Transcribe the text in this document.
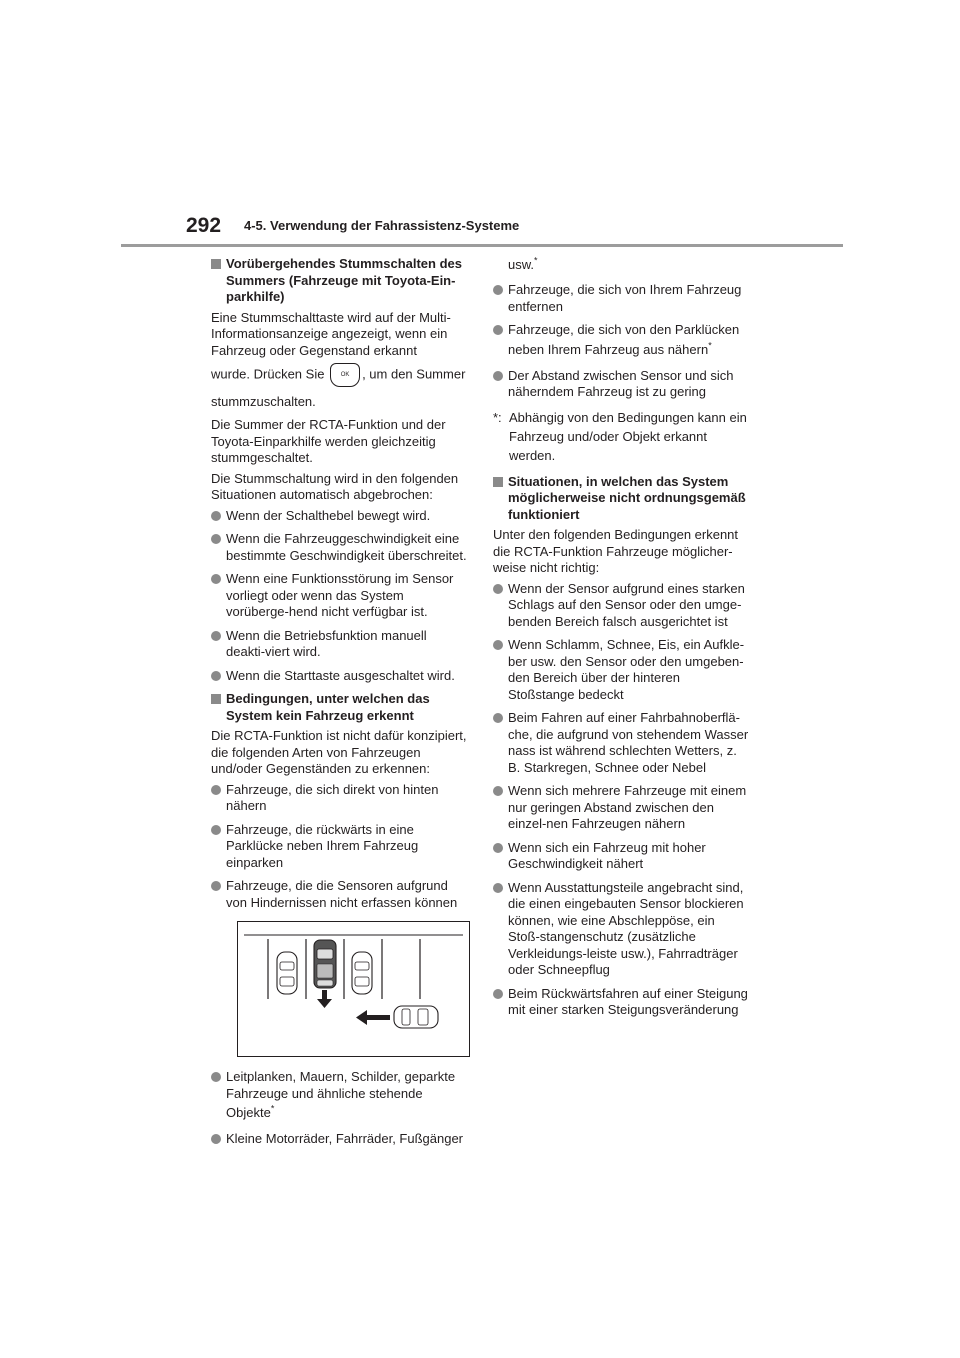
292 4-5. Verwendung der Fahrassistenz-Systeme
Vorübergehendes Stummschalten des Summers (Fahrzeuge mit Toyota-Ein-parkhilfe)

Eine Stummschalttaste wird auf der Multi-Informationsanzeige angezeigt, wenn ein Fahrzeug oder Gegenstand erkannt

wurde. Drücken Sie	OK , um den Summer

stummzuschalten.

Die Summer der RCTA-Funktion und der Toyota-Einparkhilfe werden gleichzeitig stummgeschaltet.

Die Stummschaltung wird in den folgenden Situationen automatisch abgebrochen:

Wenn der Schalthebel bewegt wird.
Wenn die Fahrzeuggeschwindigkeit eine bestimmte Geschwindigkeit überschreitet.
Wenn eine Funktionsstörung im Sensor vorliegt oder wenn das System vorüberge-hend nicht verfügbar ist.
Wenn die Betriebsfunktion manuell deakti-viert wird.
Wenn die Starttaste ausgeschaltet wird.
Bedingungen, unter welchen das System kein Fahrzeug erkennt

Die RCTA-Funktion ist nicht dafür konzipiert, die folgenden Arten von Fahrzeugen und/oder Gegenständen zu erkennen:

Fahrzeuge, die sich direkt von hinten nähern
Fahrzeuge, die rückwärts in eine Parklücke neben Ihrem Fahrzeug einparken
Fahrzeuge, die die Sensoren aufgrund von Hindernissen nicht erfassen können
Leitplanken, Mauern, Schilder, geparkte Fahrzeuge und ähnliche stehende
Objekte*
Kleine Motorräder, Fahrräder, Fußgänger

usw.*

Fahrzeuge, die sich von Ihrem Fahrzeug entfernen
Fahrzeuge, die sich von den Parklücken
neben Ihrem Fahrzeug aus nähern*
Der Abstand zwischen Sensor und sich näherndem Fahrzeug ist zu gering
*: Abhängig von den Bedingungen kann ein Fahrzeug und/oder Objekt erkannt werden.
Situationen, in welchen das System möglicherweise nicht ordnungsgemäß funktioniert

Unter den folgenden Bedingungen erkennt die RCTA-Funktion Fahrzeuge möglicher-weise nicht richtig:

Wenn der Sensor aufgrund eines starken Schlags auf den Sensor oder den umge-benden Bereich falsch ausgerichtet ist
Wenn Schlamm, Schnee, Eis, ein Aufkle-ber usw. den Sensor oder den umgeben-den Bereich über der hinteren Stoßstange bedeckt
Beim Fahren auf einer Fahrbahnoberflä-che, die aufgrund von stehendem Wasser nass ist während schlechten Wetters, z. B. Starkregen, Schnee oder Nebel
Wenn sich mehrere Fahrzeuge mit einem nur geringen Abstand zwischen den einzel-nen Fahrzeugen nähern
Wenn sich ein Fahrzeug mit hoher Geschwindigkeit nähert
Wenn Ausstattungsteile angebracht sind, die einen eingebauten Sensor blockieren können, wie eine Abschleppöse, ein Stoß-stangenschutz (zusätzliche Verkleidungs-leiste usw.), Fahrradträger oder Schneepflug
Beim Rückwärtsfahren auf einer Steigung mit einer starken Steigungsveränderung
